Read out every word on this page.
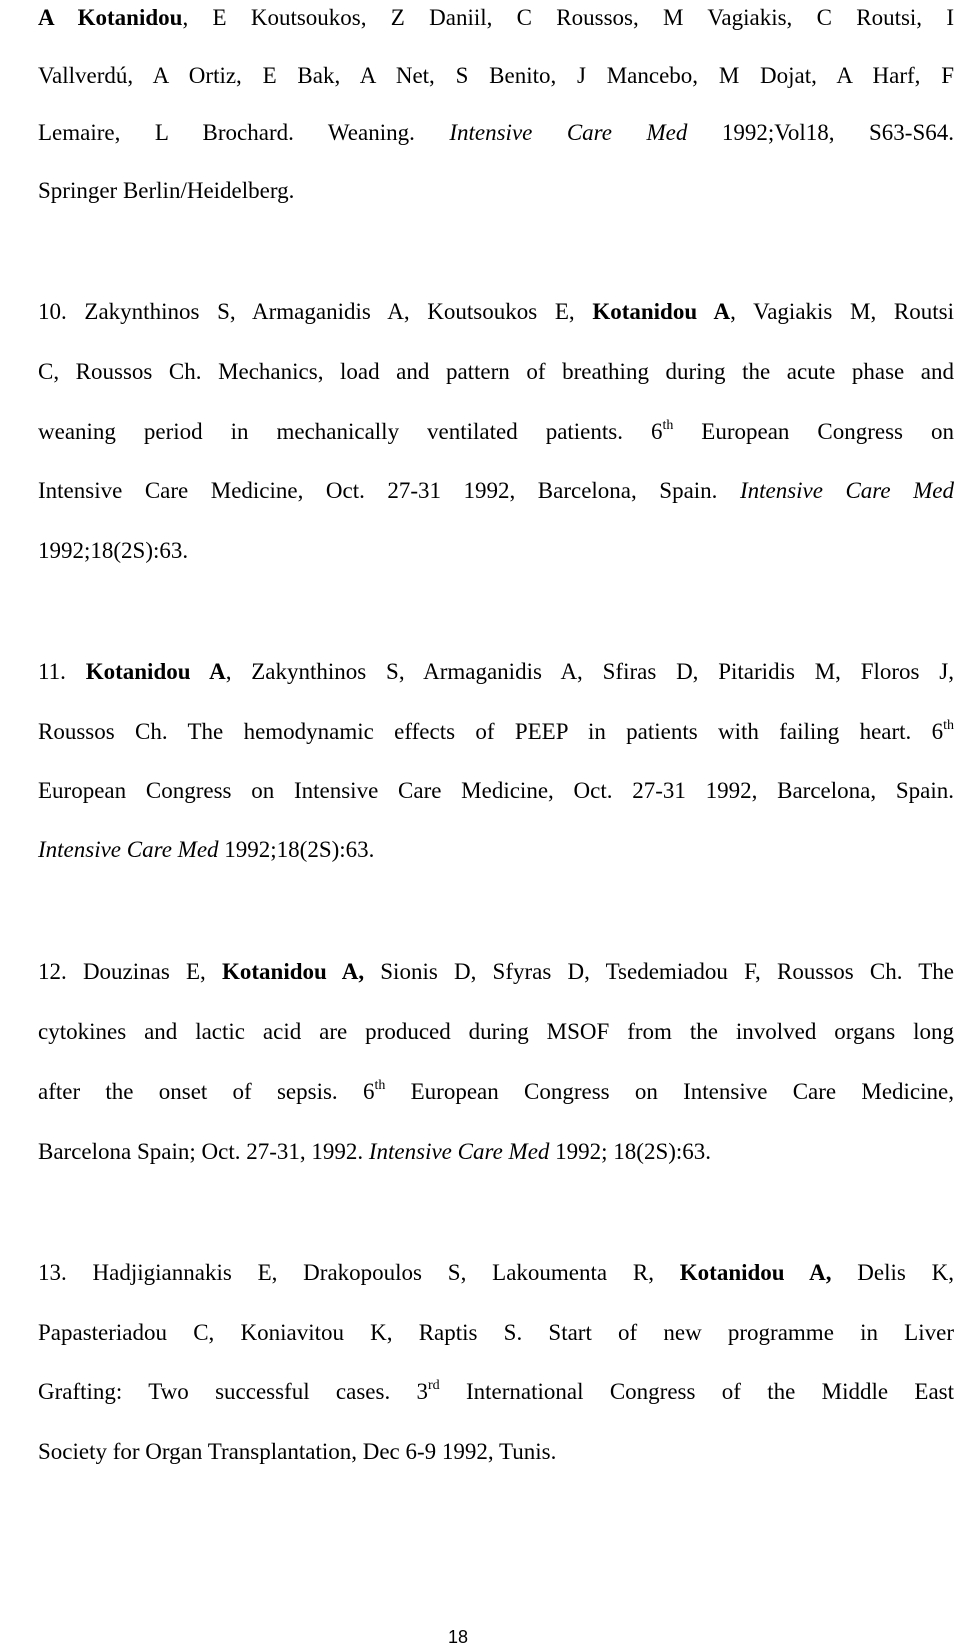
A Kotanidou, E Koutsoukos, Z Daniil, C Roussos, M Vagiakis, C Routsi, I
Vallverdú, A Ortiz, E Bak, A Net, S Benito, J Mancebo, M Dojat, A Harf, F
Lemaire, L Brochard. Weaning. Intensive Care Med 1992;Vol18, S63-S64.
Springer Berlin/Heidelberg.
10. Zakynthinos S, Armaganidis A, Koutsoukos E, Kotanidou A, Vagiakis M, Routsi
C, Roussos Ch. Mechanics, load and pattern of breathing during the acute phase and
weaning period in mechanically ventilated patients. 6th European Congress on
Intensive Care Medicine, Oct. 27-31 1992, Barcelona, Spain. Intensive Care Med
1992;18(2S):63.
11. Kotanidou A, Zakynthinos S, Armaganidis A, Sfiras D, Pitaridis M, Floros J,
Roussos Ch. The hemodynamic effects of PEEP in patients with failing heart. 6th
European Congress on Intensive Care Medicine, Oct. 27-31 1992, Barcelona, Spain.
Intensive Care Med 1992;18(2S):63.
12. Douzinas E, Kotanidou A, Sionis D, Sfyras D, Tsedemiadou F, Roussos Ch. The
cytokines and lactic acid are produced during MSOF from the involved organs long
after the onset of sepsis. 6th European Congress on Intensive Care Medicine,
Barcelona Spain; Oct. 27-31, 1992. Intensive Care Med 1992; 18(2S):63.
13. Hadjigiannakis E, Drakopoulos S, Lakoumenta R, Kotanidou A, Delis K,
Papasteriadou C, Koniavitou K, Raptis S. Start of new programme in Liver
Grafting: Two successful cases. 3rd International Congress of the Middle East
Society for Organ Transplantation, Dec 6-9 1992, Tunis.
18
